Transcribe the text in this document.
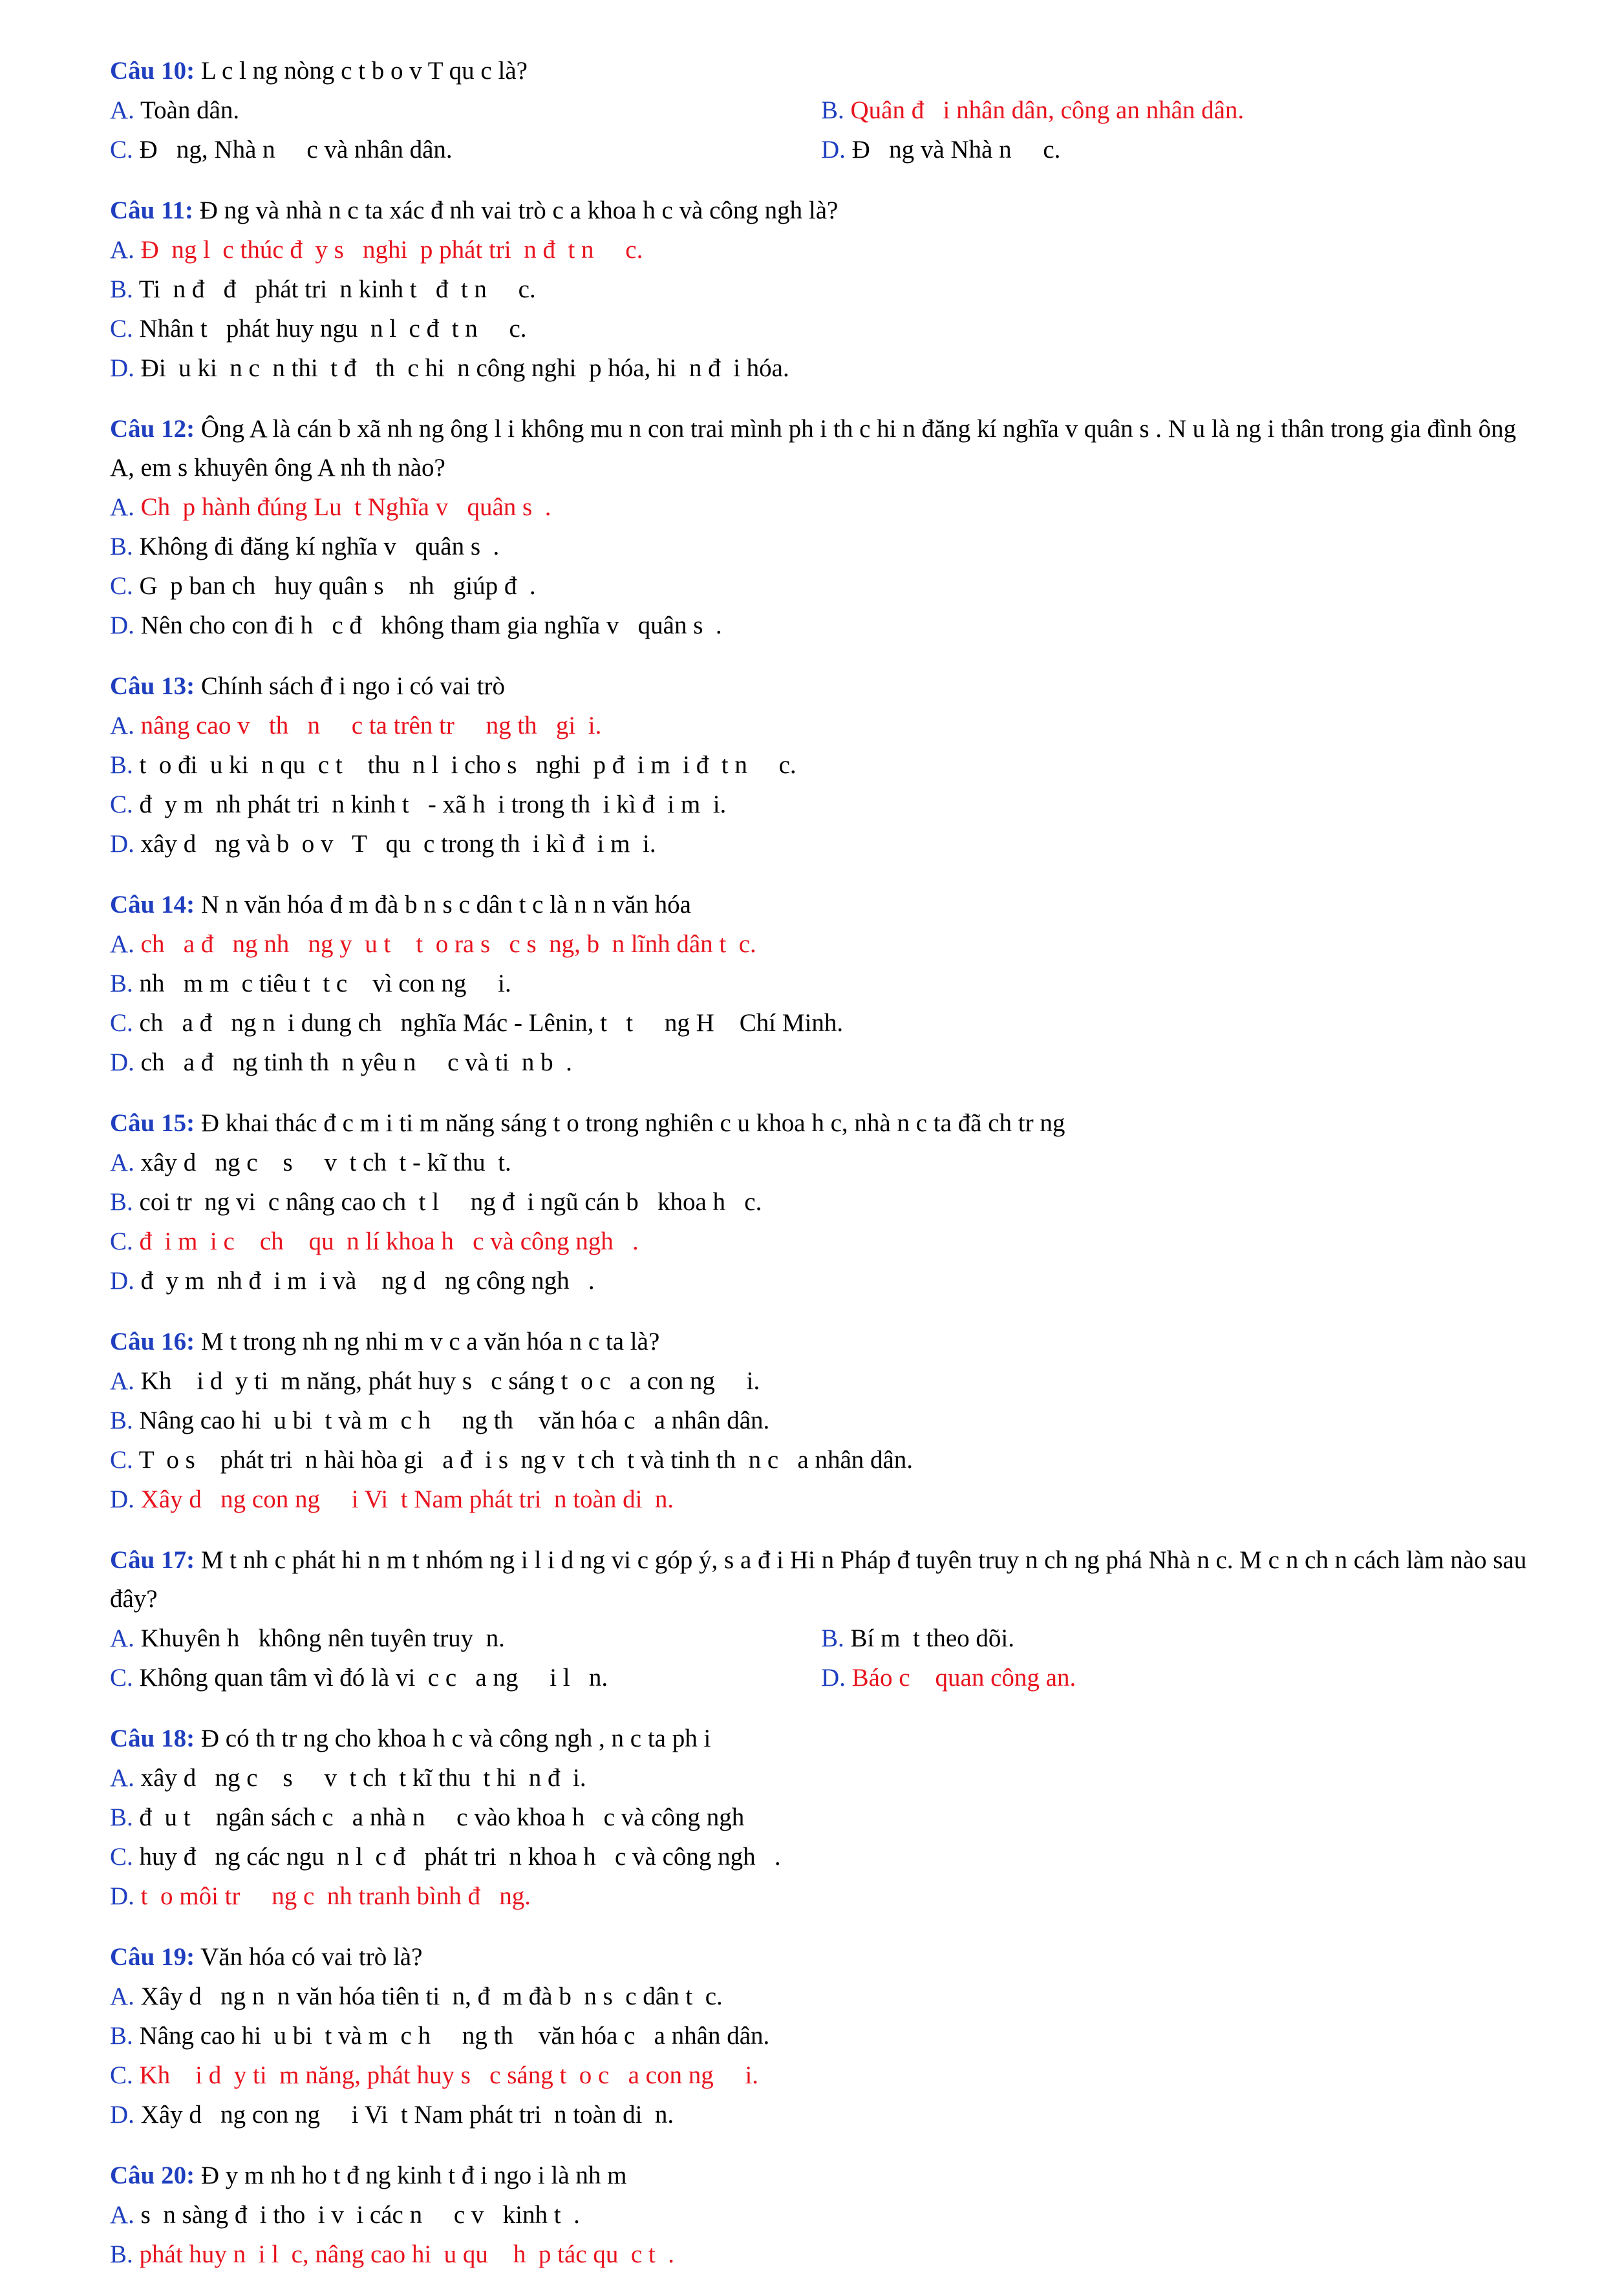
Câu 10: L c l ng nòng c t b o v T qu c là?
A. Toàn dân.	B. Quân đ   i nhân dân, công an nhân dân.
C. Đ   ng, Nhà n     c và nhân dân.	D. Đ   ng và Nhà n     c.
Câu 11: Đ ng và nhà n c ta xác đ nh vai trò c a khoa h c và công ngh là?
A. Đ  ng l  c thúc đ  y s   nghi  p phát tri  n đ  t n     c.
B. Ti  n đ   đ   phát tri  n kinh t   đ  t n     c.
C. Nhân t   phát huy ngu  n l  c đ  t n     c.
D. Đi  u ki  n c  n thi  t đ   th  c hi  n công nghi  p hóa, hi  n đ  i hóa.
Câu 12: Ông A là cán b xã nh ng ông l i không mu n con trai mình ph i th c hi n đăng kí nghĩa v quân s . N u là ng i thân trong gia đình ông A, em s khuyên ông A nh th nào?
A. Ch  p hành đúng Lu  t Nghĩa v   quân s  .
B. Không đi đăng kí nghĩa v   quân s  .
C. G  p ban ch   huy quân s    nh   giúp đ  .
D. Nên cho con đi h   c đ   không tham gia nghĩa v   quân s  .
Câu 13: Chính sách đ i ngo i có vai trò
A. nâng cao v   th   n     c ta trên tr     ng th   gi  i.
B. t  o đi  u ki  n qu  c t    thu  n l  i cho s   nghi  p đ  i m  i đ  t n     c.
C. đ  y m  nh phát tri  n kinh t   - xã h  i trong th  i kì đ  i m  i.
D. xây d   ng và b  o v   T   qu  c trong th  i kì đ  i m  i.
Câu 14: N n văn hóa đ m đà b n s c dân t c là n n văn hóa
A. ch   a đ   ng nh   ng y  u t    t  o ra s   c s  ng, b  n lĩnh dân t  c.
B. nh   m m  c tiêu t  t c    vì con ng     i.
C. ch   a đ   ng n  i dung ch   nghĩa Mác - Lênin, t   t     ng H    Chí Minh.
D. ch   a đ   ng tinh th  n yêu n     c và ti  n b  .
Câu 15: Đ khai thác đ c m i ti m năng sáng t o trong nghiên c u khoa h c, nhà n c ta đã ch tr ng
A. xây d   ng c    s     v  t ch  t - kĩ thu  t.
B. coi tr  ng vi  c nâng cao ch  t l     ng đ  i ngũ cán b   khoa h   c.
C. đ  i m  i c    ch    qu  n lí khoa h   c và công ngh   .
D. đ  y m  nh đ  i m  i và    ng d   ng công ngh   .
Câu 16: M t trong nh ng nhi m v c a văn hóa n c ta là?
A. Kh    i d  y ti  m năng, phát huy s   c sáng t  o c   a con ng     i.
B. Nâng cao hi  u bi  t và m  c h     ng th    văn hóa c   a nhân dân.
C. T  o s    phát tri  n hài hòa gi   a đ  i s  ng v  t ch  t và tinh th  n c   a nhân dân.
D. Xây d   ng con ng     i Vi  t Nam phát tri  n toàn di  n.
Câu 17: M t nh c phát hi n m t nhóm ng i l i d ng vi c góp ý, s a đ i Hi n Pháp đ tuyên truy n ch ng phá Nhà n c. M c n ch n cách làm nào sau đây?
A. Khuyên h   không nên tuyên truy  n.	B. Bí m  t theo dõi.
C. Không quan tâm vì đó là vi  c c   a ng     i l   n.	D. Báo c    quan công an.
Câu 18: Đ có th tr ng cho khoa h c và công ngh , n c ta ph i
A. xây d   ng c    s     v  t ch  t kĩ thu  t hi  n đ  i.
B. đ  u t    ngân sách c   a nhà n     c vào khoa h   c và công ngh
C. huy đ   ng các ngu  n l  c đ   phát tri  n khoa h   c và công ngh   .
D. t  o môi tr     ng c  nh tranh bình đ   ng.
Câu 19: Văn hóa có vai trò là?
A. Xây d   ng n  n văn hóa tiên ti  n, đ  m đà b  n s  c dân t  c.
B. Nâng cao hi  u bi  t và m  c h     ng th    văn hóa c   a nhân dân.
C. Kh    i d  y ti  m năng, phát huy s   c sáng t  o c   a con ng     i.
D. Xây d   ng con ng     i Vi  t Nam phát tri  n toàn di  n.
Câu 20: Đ y m nh ho t đ ng kinh t đ i ngo i là nh m
A. s  n sàng đ  i tho  i v  i các n     c v   kinh t  .
B. phát huy n  i l  c, nâng cao hi  u qu    h  p tác qu  c t  .
